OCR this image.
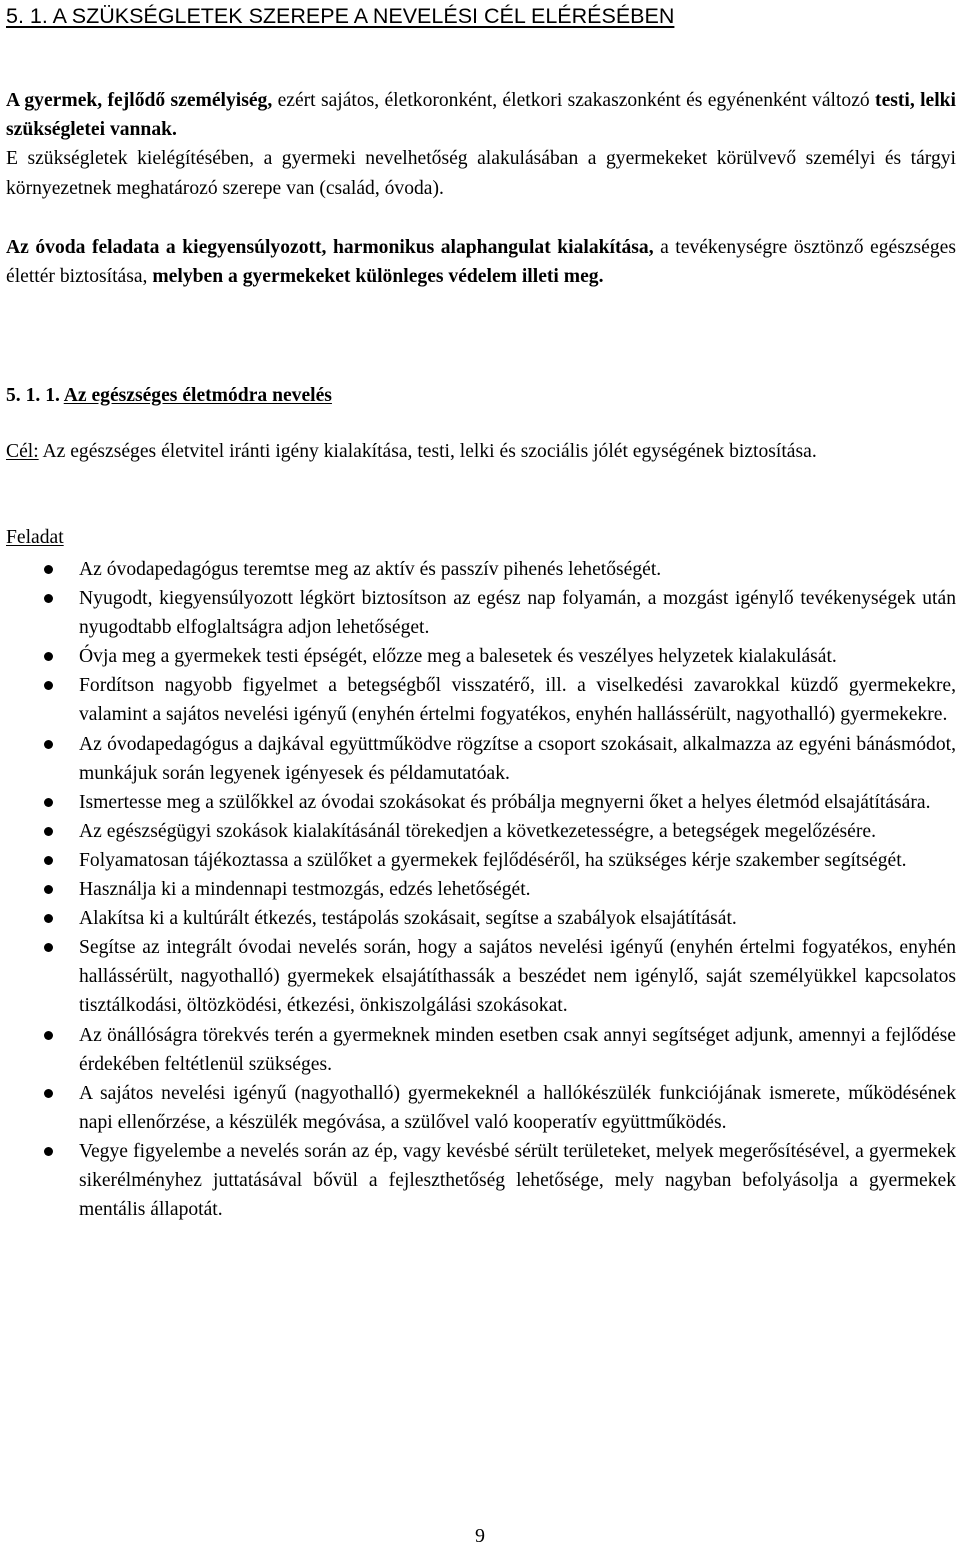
5. 1. A SZÜKSÉGLETEK SZEREPE A NEVELÉSI CÉL ELÉRÉSÉBEN
A gyermek, fejlődő személyiség, ezért sajátos, életkoronként, életkori szakaszonként és egyénenként változó testi, lelki szükségletei vannak.
E szükségletek kielégítésében, a gyermeki nevelhetőség alakulásában a gyermekeket körülvevő személyi és tárgyi környezetnek meghatározó szerepe van (család, óvoda).
Az óvoda feladata a kiegyensúlyozott, harmonikus alaphangulat kialakítása, a tevékenységre ösztönző egészséges élettér biztosítása, melyben a gyermekeket különleges védelem illeti meg.
5. 1. 1. Az egészséges életmódra nevelés
Cél: Az egészséges életvitel iránti igény kialakítása, testi, lelki és szociális jólét egységének biztosítása.
Feladat
Az óvodapedagógus teremtse meg az aktív és passzív pihenés lehetőségét.
Nyugodt, kiegyensúlyozott légkört biztosítson az egész nap folyamán, a mozgást igénylő tevékenységek után nyugodtabb elfoglaltságra adjon lehetőséget.
Óvja meg a gyermekek testi épségét, előzze meg a balesetek és veszélyes helyzetek kialakulását.
Fordítson nagyobb figyelmet a betegségből visszatérő, ill. a viselkedési zavarokkal küzdő gyermekekre, valamint a sajátos nevelési igényű (enyhén értelmi fogyatékos, enyhén hallássérült, nagyothalló) gyermekekre.
Az óvodapedagógus a dajkával együttműködve rögzítse a csoport szokásait, alkalmazza az egyéni bánásmódot, munkájuk során legyenek igényesek és példamutatóak.
Ismertesse meg a szülőkkel az óvodai szokásokat és próbálja megnyerni őket a helyes életmód elsajátítására.
Az egészségügyi szokások kialakításánál törekedjen a következetességre, a betegségek megelőzésére.
Folyamatosan tájékoztassa a szülőket a gyermekek fejlődéséről, ha szükséges kérje szakember segítségét.
Használja ki a mindennapi testmozgás, edzés lehetőségét.
Alakítsa ki a kultúrált étkezés, testápolás szokásait, segítse a szabályok elsajátítását.
Segítse az integrált óvodai nevelés során, hogy a sajátos nevelési igényű (enyhén értelmi fogyatékos, enyhén hallássérült, nagyothalló) gyermekek elsajátíthassák a beszédet nem igénylő, saját személyükkel kapcsolatos tisztálkodási, öltözködési, étkezési, önkiszolgálási szokásokat.
Az önállóságra törekvés terén a gyermeknek minden esetben csak annyi segítséget adjunk, amennyi a fejlődése érdekében feltétlenül szükséges.
A sajátos nevelési igényű (nagyothalló) gyermekeknél a hallókészülék funkciójának ismerete, működésének napi ellenőrzése, a készülék megóvása, a szülővel való kooperatív együttműködés.
Vegye figyelembe a nevelés során az ép, vagy kevésbé sérült területeket, melyek megerősítésével, a gyermekek sikerélményhez juttatásával bővül a fejleszthetőség lehetősége, mely nagyban befolyásolja a gyermekek mentális állapotát.
9
